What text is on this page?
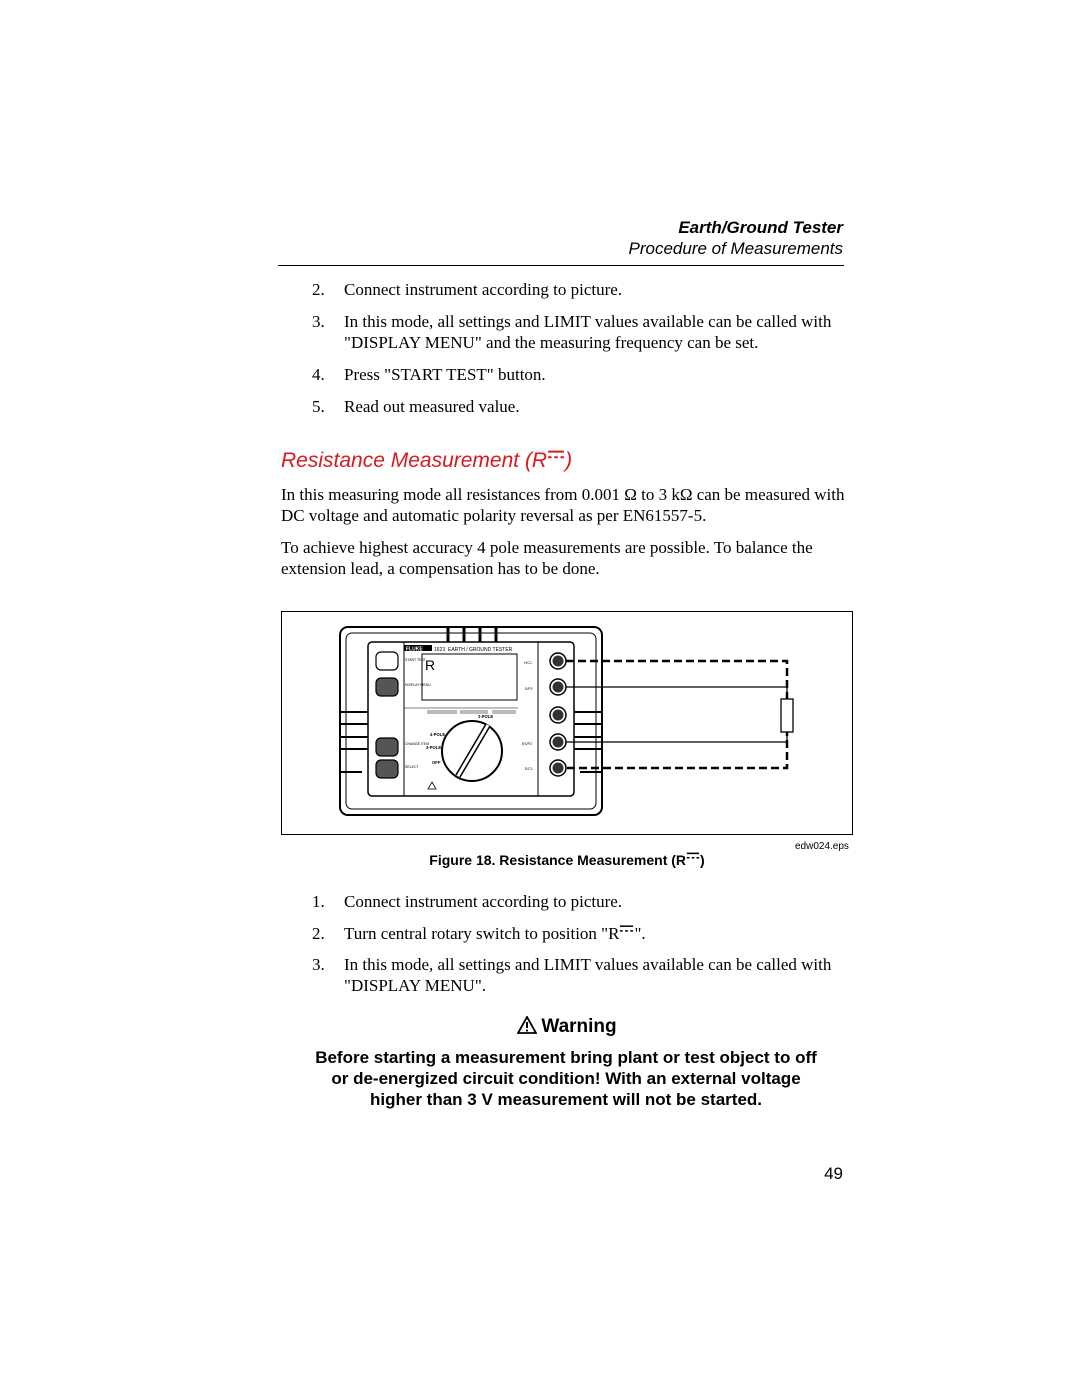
Earth/Ground Tester
Procedure of Measurements
2.	Connect instrument according to picture.
3.	In this mode, all settings and LIMIT values available can be called with "DISPLAY MENU" and the measuring frequency can be set.
4.	Press "START TEST" button.
5.	Read out measured value.
Resistance Measurement (R )
In this measuring mode all resistances from 0.001 Ω to 3 kΩ can be measured with DC voltage and automatic polarity reversal as per EN61557-5.
To achieve highest accuracy 4 pole measurements are possible. To balance the extension lead, a compensation has to be done.
1623 EARTH / GROUND TESTER
FLUKE
R
START TEST
DISPLAY MENU
CHANGE ITEM
SELECT
4-POLE
3-POLE
2-POLE
OFF
H/C1
S/P2
ES/P2
E/C1
edw024.eps
Figure 18. Resistance Measurement (R )
1.	Connect instrument according to picture.
2.	Turn central rotary switch to position "R ".
3.	In this mode, all settings and LIMIT values available can be called with "DISPLAY MENU".
Warning
Before starting a measurement bring plant or test object to off or de-energized circuit condition! With an external voltage higher than 3 V measurement will not be started.
49
